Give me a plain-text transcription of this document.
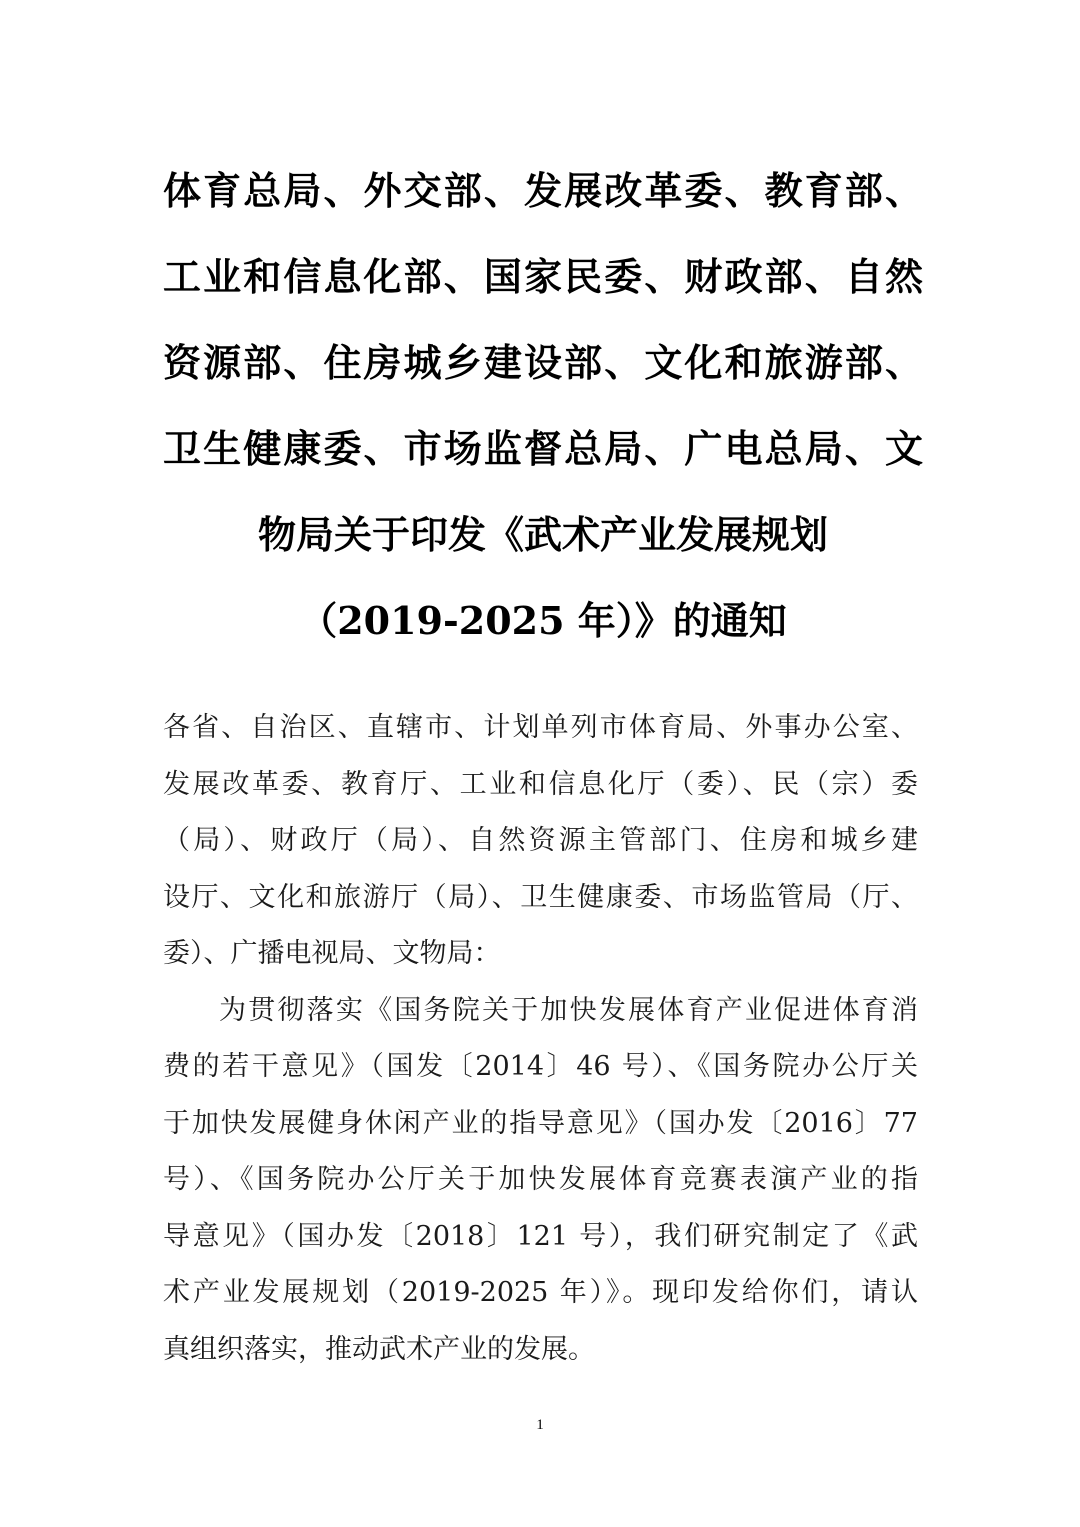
体育总局、外交部、发展改革委、教育部、
工业和信息化部、国家民委、财政部、自然
资源部、住房城乡建设部、文化和旅游部、
卫生健康委、市场监督总局、广电总局、文
物局关于印发《武术产业发展规划
（2019-2025 年）》的通知
各省、自治区、直辖市、计划单列市体育局、外事办公室、
发展改革委、教育厅、工业和信息化厅（委）、民（宗）委
（局）、财政厅（局）、自然资源主管部门、住房和城乡建
设厅、文化和旅游厅（局）、卫生健康委、市场监管局（厅、
委）、广播电视局、文物局：
为贯彻落实《国务院关于加快发展体育产业促进体育消
费的若干意见》（国发〔2014〕46 号）、《国务院办公厅关
于加快发展健身休闲产业的指导意见》（国办发〔2016〕77
号）、《国务院办公厅关于加快发展体育竞赛表演产业的指
导意见》（国办发〔2018〕121 号），我们研究制定了《武
术产业发展规划（2019-2025 年）》。现印发给你们，请认
真组织落实，推动武术产业的发展。
1
